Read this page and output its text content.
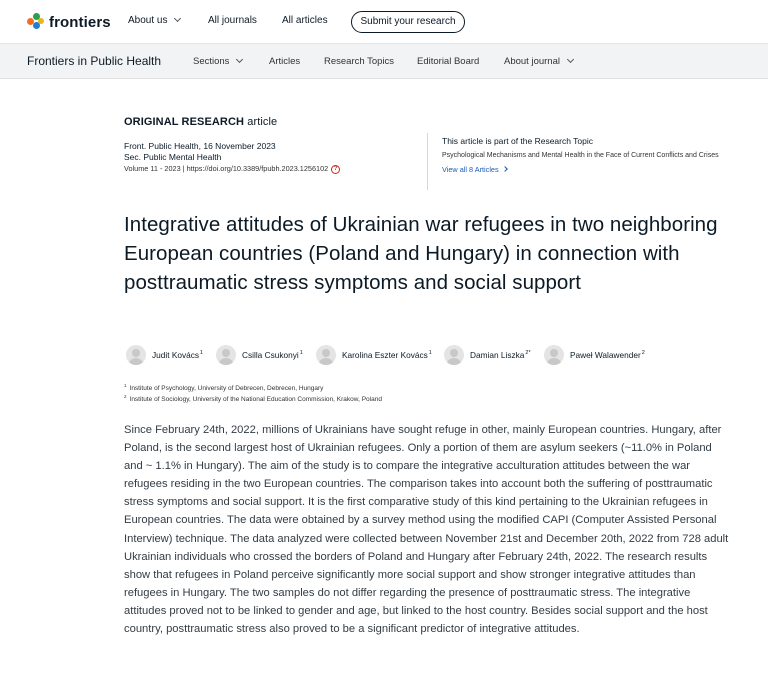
frontiers About us	All journals	All articles	Submit your research
Frontiers in Public Health	Sections	Articles	Research Topics Editorial Board	About journal
ORIGINAL RESEARCH article
Front. Public Health, 16 November 2023
Sec. Public Mental Health
Volume 11 - 2023 | https://doi.org/10.3389/fpubh.2023.1256102 ?
This article is part of the Research Topic
Psychological Mechanisms and Mental Health in the Face of Current Conflicts and Crises
View all 8 Articles
Integrative attitudes of Ukrainian war refugees in two neighboring European countries (Poland and Hungary) in connection with posttraumatic stress symptoms and social support
Judit Kovács$^1$	Csilla Csukonyi$^1$	Karolina Eszter Kovács$^1$	Damian Liszka$^{2*}$	Paweł Walawender$^2$
$^1$ Institute of Psychology, University of Debrecen, Debrecen, Hungary
$^2$ Institute of Sociology, University of the National Education Commission, Krakow, Poland

Since February 24th, 2022, millions of Ukrainians have sought refuge in other, mainly European countries. Hungary, after Poland, is the second largest host of Ukrainian refugees. Only a portion of them are asylum seekers (~11.0% in Poland and ~ 1.1% in Hungary). The aim of the study is to compare the integrative acculturation attitudes between the war refugees residing in the two European countries. The comparison takes into account both the suffering of posttraumatic stress symptoms and social support. It is the first comparative study of this kind pertaining to the Ukrainian refugees in European countries. The data were obtained by a survey method using the modified CAPI (Computer Assisted Personal Interview) technique. The data analyzed were collected between November 21st and December 20th, 2022 from 728 adult Ukrainian individuals who crossed the borders of Poland and Hungary after February 24th, 2022. The research results show that refugees in Poland perceive significantly more social support and show stronger integrative attitudes than refugees in Hungary. The two samples do not differ regarding the presence of posttraumatic stress. The integrative attitudes proved not to be linked to gender and age, but linked to the host country. Besides social support and the host country, posttraumatic stress also proved to be a significant predictor of integrative attitudes.
